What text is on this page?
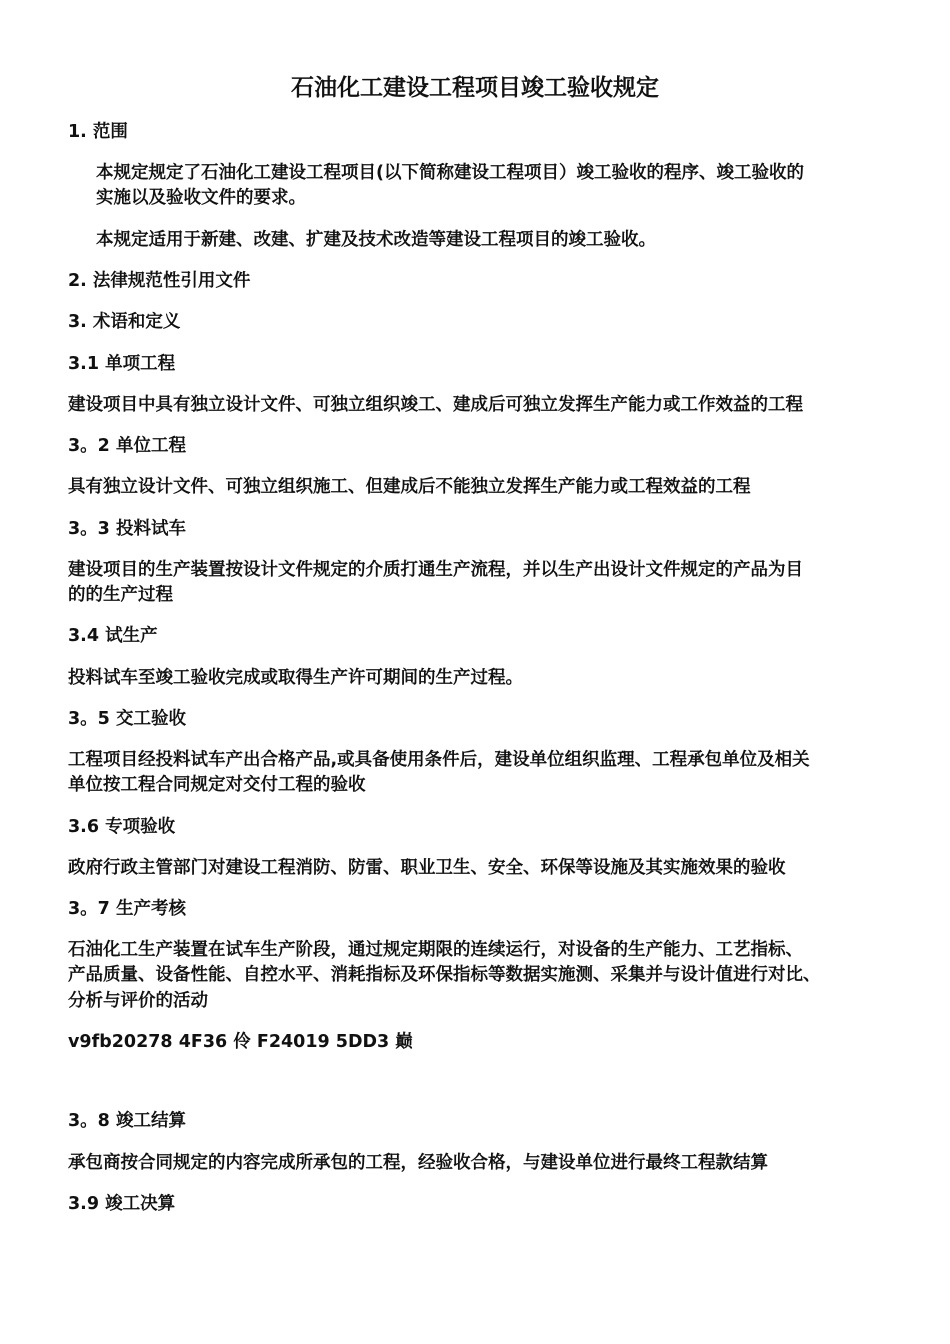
石油化工建设工程项目竣工验收规定
1. 范围
本规定规定了石油化工建设工程项目(以下简称建设工程项目）竣工验收的程序、竣工验收的
实施以及验收文件的要求。
本规定适用于新建、改建、扩建及技术改造等建设工程项目的竣工验收。
2. 法律规范性引用文件
3. 术语和定义
3.1 单项工程
建设项目中具有独立设计文件、可独立组织竣工、建成后可独立发挥生产能力或工作效益的工程
3。2 单位工程
具有独立设计文件、可独立组织施工、但建成后不能独立发挥生产能力或工程效益的工程
3。3 投料试车
建设项目的生产装置按设计文件规定的介质打通生产流程，并以生产出设计文件规定的产品为目
的的生产过程
3.4 试生产
投料试车至竣工验收完成或取得生产许可期间的生产过程。
3。5 交工验收
工程项目经投料试车产出合格产品,或具备使用条件后，建设单位组织监理、工程承包单位及相关
单位按工程合同规定对交付工程的验收
3.6 专项验收
政府行政主管部门对建设工程消防、防雷、职业卫生、安全、环保等设施及其实施效果的验收
3。7 生产考核
石油化工生产装置在试车生产阶段，通过规定期限的连续运行，对设备的生产能力、工艺指标、
产品质量、设备性能、自控水平、消耗指标及环保指标等数据实施测、采集并与设计值进行对比、
分析与评价的活动
v9fb20278 4F36 伶 F24019 5DD3 巅
3。8 竣工结算
承包商按合同规定的内容完成所承包的工程，经验收合格，与建设单位进行最终工程款结算
3.9 竣工决算
